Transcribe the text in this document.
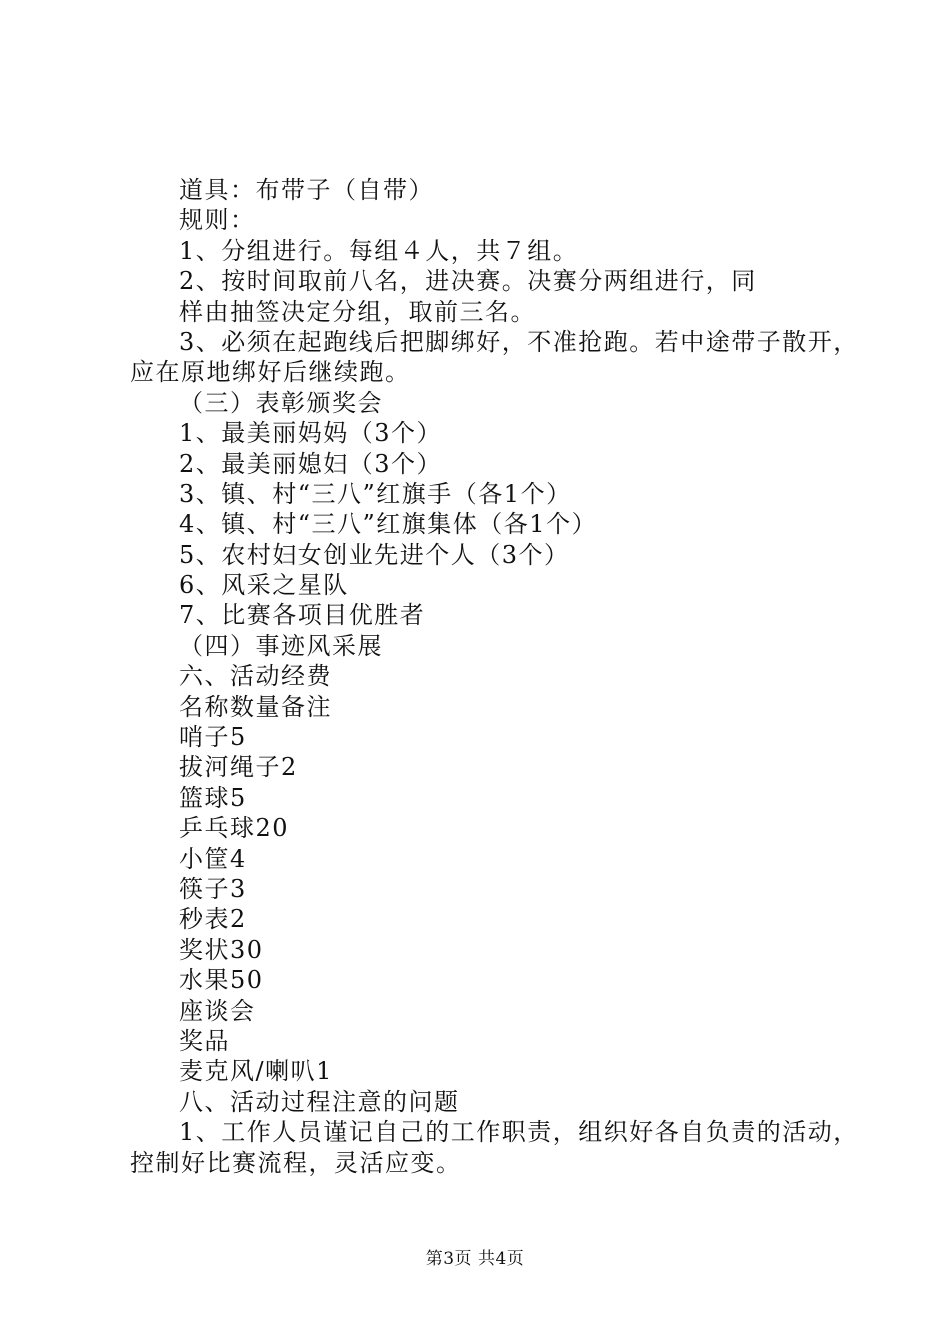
道具：布带子（自带）
规则：
1、分组进行。每组４人，共７组。
2、按时间取前八名，进决赛。决赛分两组进行，同
样由抽签决定分组，取前三名。
3、必须在起跑线后把脚绑好，不准抢跑。若中途带子散开，
应在原地绑好后继续跑。
（三）表彰颁奖会
1、最美丽妈妈（3个）
2、最美丽媳妇（3个）
3、镇、村“三八”红旗手（各1个）
4、镇、村“三八”红旗集体（各1个）
5、农村妇女创业先进个人（3个）
6、风采之星队
7、比赛各项目优胜者
（四）事迹风采展
六、活动经费
名称数量备注
哨子5
拔河绳子2
篮球5
乒乓球20
小筐4
筷子3
秒表2
奖状30
水果50
座谈会
奖品
麦克风/喇叭1
八、活动过程注意的问题
1、工作人员谨记自己的工作职责，组织好各自负责的活动，
控制好比赛流程，灵活应变。
第3页 共4页
